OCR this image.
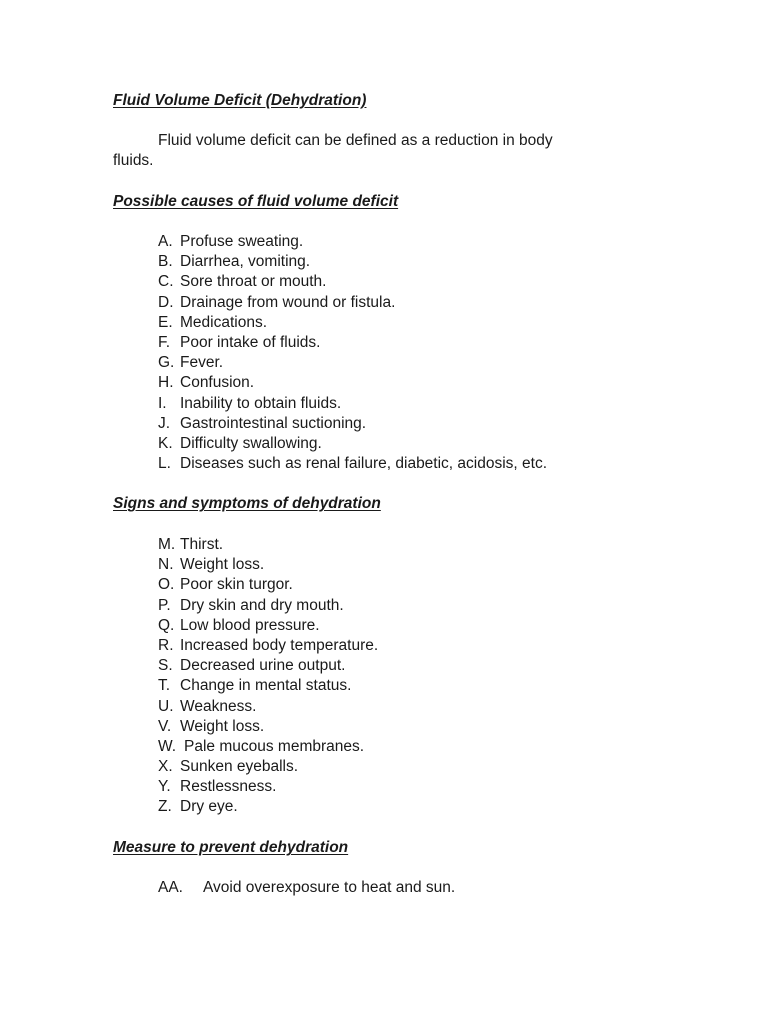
Fluid Volume Deficit (Dehydration)
Fluid volume deficit can be defined as a reduction in body
fluids.
Possible causes of fluid volume deficit
A. Profuse sweating.
B. Diarrhea, vomiting.
C. Sore throat or mouth.
D. Drainage from wound or fistula.
E. Medications.
F. Poor intake of fluids.
G. Fever.
H. Confusion.
I. Inability to obtain fluids.
J. Gastrointestinal suctioning.
K. Difficulty swallowing.
L. Diseases such as renal failure, diabetic, acidosis, etc.
Signs and symptoms of dehydration
M. Thirst.
N. Weight loss.
O. Poor skin turgor.
P. Dry skin and dry mouth.
Q. Low blood pressure.
R. Increased body temperature.
S. Decreased urine output.
T. Change in mental status.
U. Weakness.
V. Weight loss.
W. Pale mucous membranes.
X. Sunken eyeballs.
Y. Restlessness.
Z. Dry eye.
Measure to prevent dehydration
AA. Avoid overexposure to heat and sun.
